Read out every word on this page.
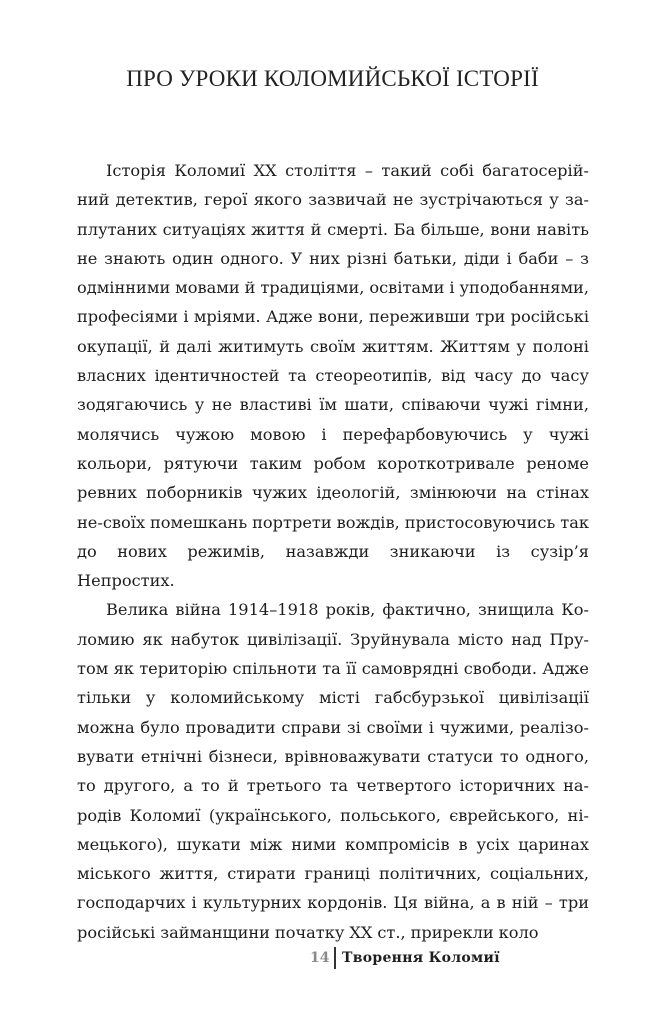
ПРО УРОКИ КОЛОМИЙСЬКОЇ ІСТОРІЇ

Історія Коломиї XX століття – такий собі багатосерійний детектив, герої якого зазвичай не зустрічаються у заплутаних ситуаціях життя й смерті. Ба більше, вони навіть не знають один одного. У них різні батьки, діди і баби – з одмінними мовами й традиціями, освітами і уподобаннями, професіями і мріями. Адже вони, переживши три російські окупації, й далі житимуть своїм життям. Життям у полоні власних ідентичностей та стеореотипів, від часу до часу зодягаючись у не властиві їм шати, співаючи чужі гімни, молячись чужою мовою і перефарбовуючись у чужі кольори, рятуючи таким робом короткотривале реноме ревних поборників чужих ідеологій, змінюючи на стінах не-своїх помешкань портрети вождів, пристосовуючись так до нових режимів, назавжди зникаючи із сузір’я Непростих.

Велика війна 1914–1918 років, фактично, знищила Коломию як набуток цивілізації. Зруйнувала місто над Прутом як територію спільноти та її самоврядні свободи. Адже тільки у коломийському місті габсбурзької цивілізації можна було провадити справи зі своїми і чужими, реалізовувати етнічні бізнеси, врівноважувати статуси то одного, то другого, а то й третього та четвертого історичних народів Коломиї (українського, польського, єврейського, німецького), шукати між ними компромісів в усіх царинах міського життя, стирати границі політичних, соціальних, господарчих і культурних кордонів. Ця війна, а в ній – три російські займанщини початку XX ст., прирекли коло

14 Творення Коломиї
